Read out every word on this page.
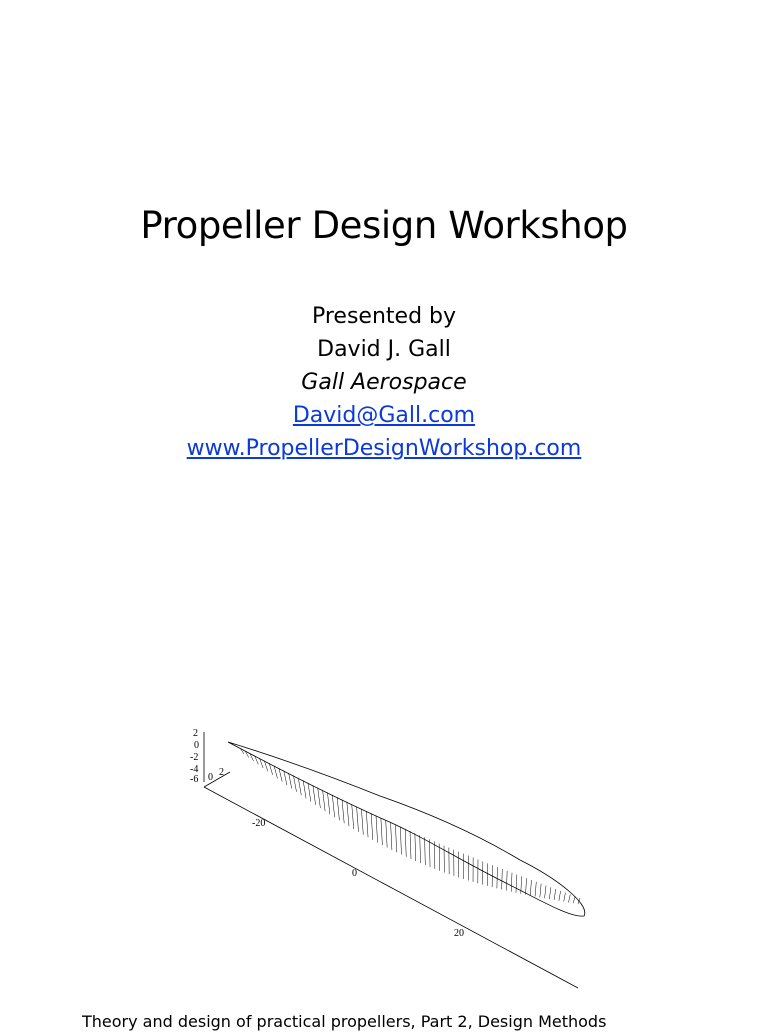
Propeller Design Workshop
Presented by
David J. Gall
Gall Aerospace
David@Gall.com
www.PropellerDesignWorkshop.com
2
0
-2
-4
-6 0 2
-20
0
20
Theory and design of practical propellers, Part 2, Design Methods
